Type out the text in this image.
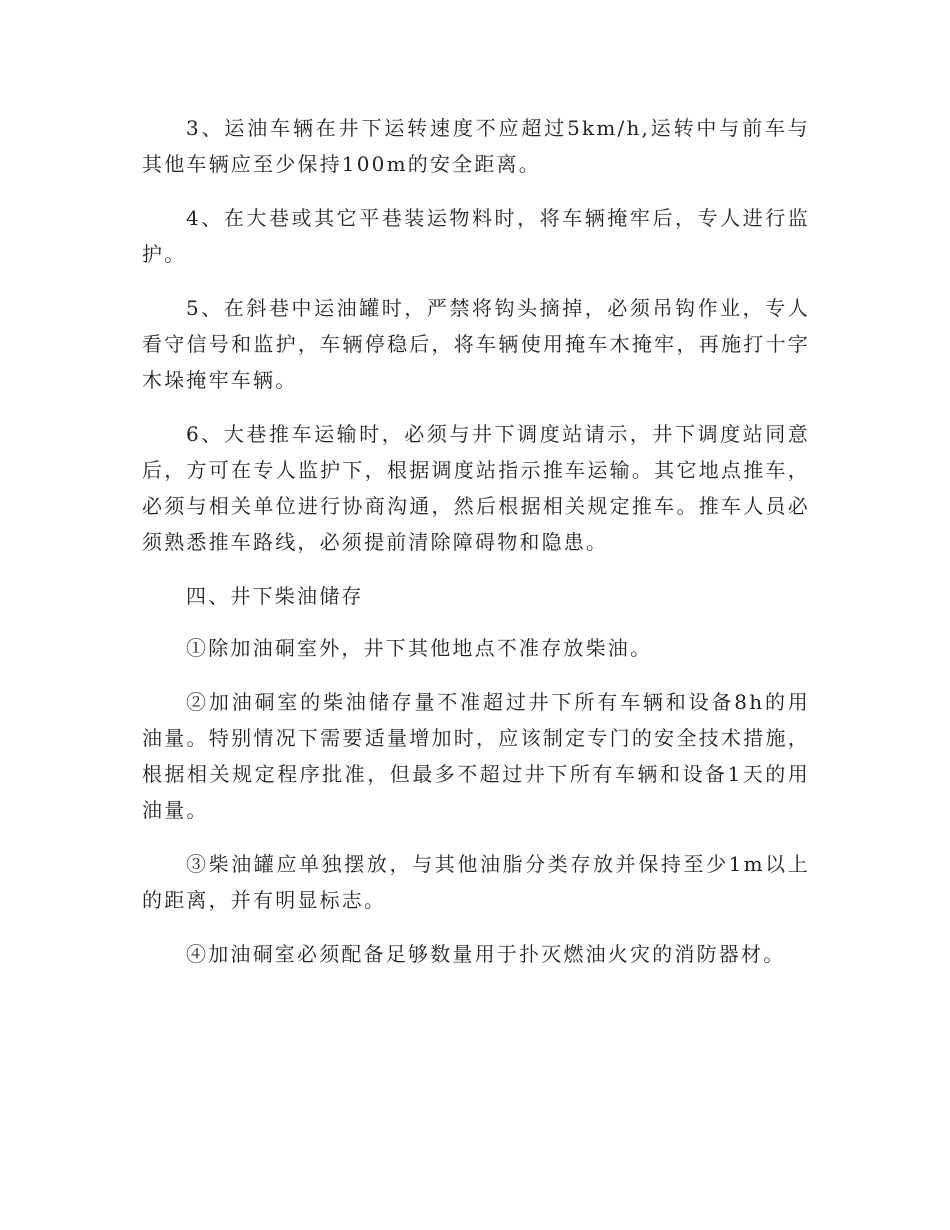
3、运油车辆在井下运转速度不应超过5km/h,运转中与前车与其他车辆应至少保持100m的安全距离。

4、在大巷或其它平巷装运物料时，将车辆掩牢后，专人进行监护。

5、在斜巷中运油罐时，严禁将钩头摘掉，必须吊钩作业，专人看守信号和监护，车辆停稳后，将车辆使用掩车木掩牢，再施打十字木垛掩牢车辆。

6、大巷推车运输时，必须与井下调度站请示，井下调度站同意后，方可在专人监护下，根据调度站指示推车运输。其它地点推车，必须与相关单位进行协商沟通，然后根据相关规定推车。推车人员必须熟悉推车路线，必须提前清除障碍物和隐患。

四、井下柴油储存

①除加油硐室外，井下其他地点不准存放柴油。

②加油硐室的柴油储存量不准超过井下所有车辆和设备8h的用油量。特别情况下需要适量增加时，应该制定专门的安全技术措施，根据相关规定程序批准，但最多不超过井下所有车辆和设备1天的用油量。

③柴油罐应单独摆放，与其他油脂分类存放并保持至少1m以上的距离，并有明显标志。

④加油硐室必须配备足够数量用于扑灭燃油火灾的消防器材。
